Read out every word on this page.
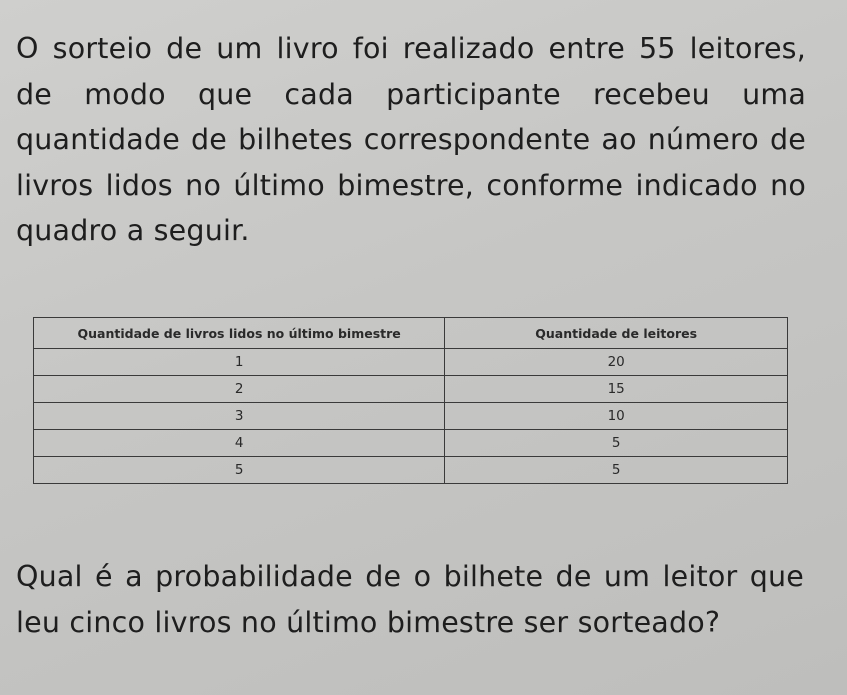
O sorteio de um livro foi realizado entre 55 leitores, de modo que cada participante recebeu uma quantidade de bilhetes correspondente ao número de livros lidos no último bimestre, conforme indicado no quadro a seguir.

Quantidade de livros lidos no último bimestre	Quantidade de leitores
1	20
2	15
3	10
4	5
5	5

Qual é a probabilidade de o bilhete de um leitor que leu cinco livros no último bimestre ser sorteado?
